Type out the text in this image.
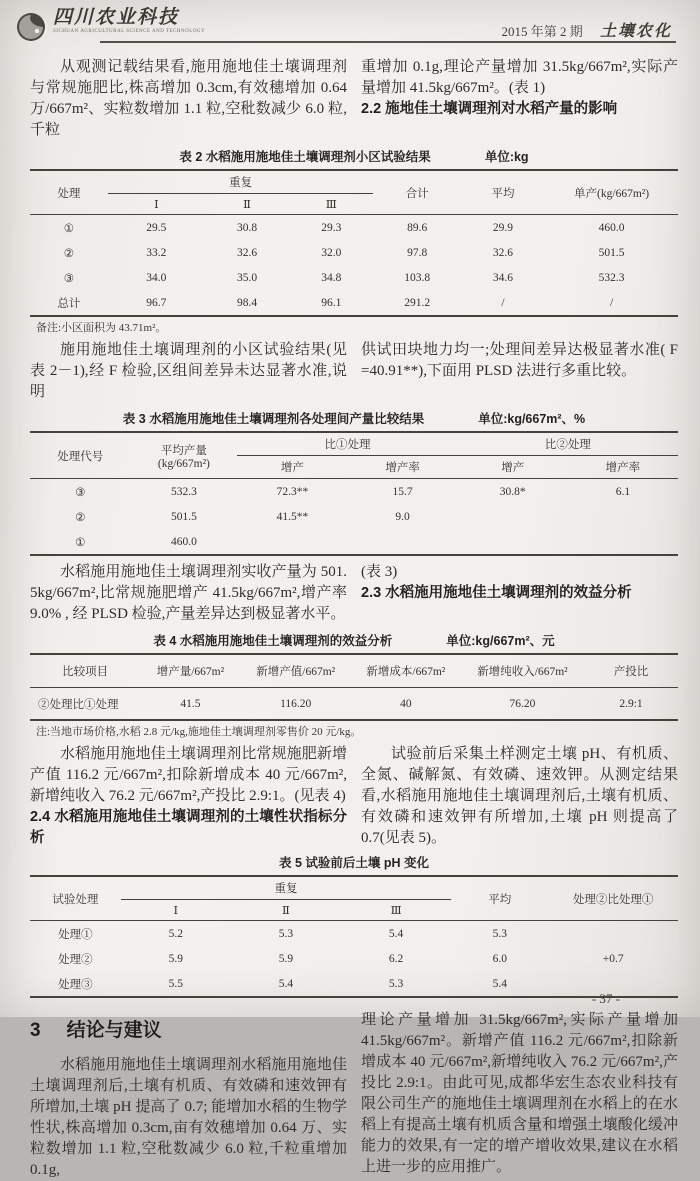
四川农业科技
SICHUAN AGRICULTURAL SCIENCE AND TECHNOLOGY	2015 年第 2 期 土壤农化

从观测记载结果看,施用施地佳土壤调理剂与常规施肥比,株高增加 0.3cm,有效穗增加 0.64 万/667m²、实粒数增加 1.1 粒,空秕数减少 6.0 粒,千粒

重增加 0.1g,理论产量增加 31.5kg/667m²,实际产量增加 41.5kg/667m²。(表 1)

2.2 施地佳土壤调理剂对水稻产量的影响
表 2 水稻施用施地佳土壤调理剂小区试验结果	单位:kg
处理	重复			合计	平均	单产(kg/667m²)
	Ⅰ	Ⅱ	Ⅲ			
①	29.5	30.8	29.3	89.6	29.9	460.0
②	33.2	32.6	32.0	97.8	32.6	501.5
③	34.0	35.0	34.8	103.8	34.6	532.3
总计	96.7	98.4	96.1	291.2	/	/
备注:小区面积为 43.71m²。

施用施地佳土壤调理剂的小区试验结果(见表 2－1),经 F 检验,区组间差异未达显著水准,说明

供试田块地力均一;处理间差异达极显著水准( F =40.91**),下面用 PLSD 法进行多重比较。

表 3 水稻施用施地佳土壤调理剂各处理间产量比较结果	单位:kg/667m²、%
处理代号	平均产量 (kg/667m²)	比①处理		比②处理	
		增产	增产率	增产	增产率
③	532.3	72.3**	15.7	30.8*	6.1
②	501.5	41.5**	9.0		
①	460.0				

水稻施用施地佳土壤调理剂实收产量为 501. 5kg/667m²,比常规施肥增产 41.5kg/667m²,增产率 9.0% , 经 PLSD 检验,产量差异达到极显著水平。

(表 3)

2.3 水稻施用施地佳土壤调理剂的效益分析
表 4 水稻施用施地佳土壤调理剂的效益分析	单位:kg/667m²、元
比较项目	增产量/667m²	新增产值/667m²	新增成本/667m²	新增纯收入/667m²	产投比
②处理比①处理	41.5	116.20	40	76.20	2.9:1
注:当地市场价格,水稻 2.8 元/kg,施地佳土壤调理剂零售价 20 元/kg。

水稻施用施地佳土壤调理剂比常规施肥新增产值 116.2 元/667m²,扣除新增成本 40 元/667m²,新增纯收入 76.2 元/667m²,产投比 2.9:1。(见表 4)

2.4 水稻施用施地佳土壤调理剂的土壤性状指标分析

试验前后采集土样测定土壤 pH、有机质、全氮、碱解氮、有效磷、速效钾。从测定结果看,水稻施用施地佳土壤调理剂后,土壤有机质、有效磷和速效钾有所增加,土壤 pH 则提高了 0.7(见表 5)。

表 5 试验前后土壤 pH 变化
试验处理	重复			平均	处理②比处理①
	Ⅰ	Ⅱ	Ⅲ		
处理①	5.2	5.3	5.4	5.3	
处理②	5.9	5.9	6.2	6.0	+0.7
处理③	5.5	5.4	5.3	5.4	
3 结论与建议

水稻施用施地佳土壤调理剂水稻施用施地佳土壤调理剂后,土壤有机质、有效磷和速效钾有所增加,土壤 pH 提高了 0.7; 能增加水稻的生物学性状,株高增加 0.3cm,亩有效穗增加 0.64 万、实粒数增加 1.1 粒,空秕数减少 6.0 粒,千粒重增加 0.1g,

理论产量增加 31.5kg/667m²,实际产量增加 41.5kg/667m²。新增产值 116.2 元/667m²,扣除新增成本 40 元/667m²,新增纯收入 76.2 元/667m²,产投比 2.9:1。由此可见,成都华宏生态农业科技有限公司生产的施地佳土壤调理剂在水稻上的在水稻上有提高土壤有机质含量和增强土壤酸化缓冲能力的效果,有一定的增产增收效果,建议在水稻上进一步的应用推广。

- 37 -
